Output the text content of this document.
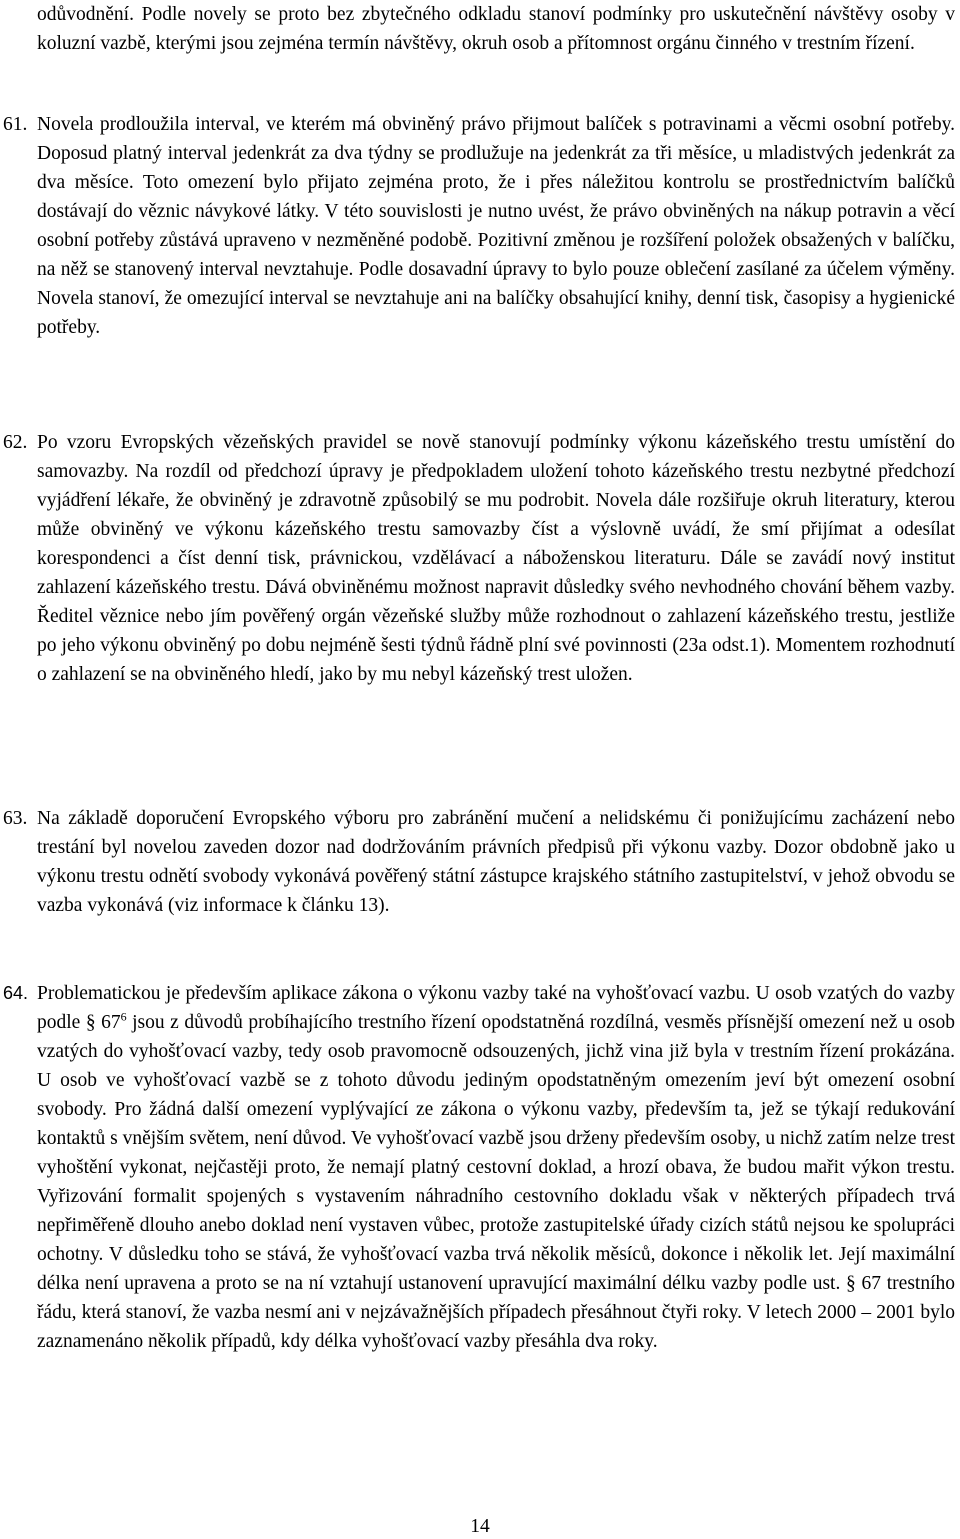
odůvodnění. Podle novely se proto bez zbytečného odkladu stanoví podmínky pro uskutečnění návštěvy osoby v koluzní vazbě, kterými jsou zejména termín návštěvy, okruh osob a přítomnost orgánu činného v trestním řízení.

61. Novela prodloužila interval, ve kterém má obviněný právo přijmout balíček s potravinami a věcmi osobní potřeby. Doposud platný interval jedenkrát za dva týdny se prodlužuje na jedenkrát za tři měsíce, u mladistvých jedenkrát za dva měsíce. Toto omezení bylo přijato zejména proto, že i přes náležitou kontrolu se prostřednictvím balíčků dostávají do věznic návykové látky. V této souvislosti je nutno uvést, že právo obviněných na nákup potravin a věcí osobní potřeby zůstává upraveno v nezměněné podobě. Pozitivní změnou je rozšíření položek obsažených v balíčku, na něž se stanovený interval nevztahuje. Podle dosavadní úpravy to bylo pouze oblečení zasílané za účelem výměny. Novela stanoví, že omezující interval se nevztahuje ani na balíčky obsahující knihy, denní tisk, časopisy a hygienické potřeby.

62. Po vzoru Evropských vězeňských pravidel se nově stanovují podmínky výkonu kázeňského trestu umístění do samovazby. Na rozdíl od předchozí úpravy je předpokladem uložení tohoto kázeňského trestu nezbytné předchozí vyjádření lékaře, že obviněný je zdravotně způsobilý se mu podrobit. Novela dále rozšiřuje okruh literatury, kterou může obviněný ve výkonu kázeňského trestu samovazby číst a výslovně uvádí, že smí přijímat a odesílat korespondenci a číst denní tisk, právnickou, vzdělávací a náboženskou literaturu. Dále se zavádí nový institut zahlazení kázeňského trestu. Dává obviněnému možnost napravit důsledky svého nevhodného chování během vazby. Ředitel věznice nebo jím pověřený orgán vězeňské služby může rozhodnout o zahlazení kázeňského trestu, jestliže po jeho výkonu obviněný po dobu nejméně šesti týdnů řádně plní své povinnosti (23a odst.1). Momentem rozhodnutí o zahlazení se na obviněného hledí, jako by mu nebyl kázeňský trest uložen.

63. Na základě doporučení Evropského výboru pro zabránění mučení a nelidskému či ponižujícímu zacházení nebo trestání byl novelou zaveden dozor nad dodržováním právních předpisů při výkonu vazby. Dozor obdobně jako u výkonu trestu odnětí svobody vykonává pověřený státní zástupce krajského státního zastupitelství, v jehož obvodu se vazba vykonává (viz informace k článku 13).

64. Problematickou je především aplikace zákona o výkonu vazby také na vyhošťovací vazbu. U osob vzatých do vazby podle § $67^6$ jsou z důvodů probíhajícího trestního řízení opodstatněná rozdílná, vesměs přísnější omezení než u osob vzatých do vyhošťovací vazby, tedy osob pravomocně odsouzených, jichž vina již byla v trestním řízení prokázána. U osob ve vyhošťovací vazbě se z tohoto důvodu jediným opodstatněným omezením jeví být omezení osobní svobody. Pro žádná další omezení vyplývající ze zákona o výkonu vazby, především ta, jež se týkají redukování kontaktů s vnějším světem, není důvod. Ve vyhošťovací vazbě jsou drženy především osoby, u nichž zatím nelze trest vyhoštění vykonat, nejčastěji proto, že nemají platný cestovní doklad, a hrozí obava, že budou mařit výkon trestu. Vyřizování formalit spojených s vystavením náhradního cestovního dokladu však v některých případech trvá nepřiměřeně dlouho anebo doklad není vystaven vůbec, protože zastupitelské úřady cizích států nejsou ke spolupráci ochotny. V důsledku toho se stává, že vyhošťovací vazba trvá několik měsíců, dokonce i několik let. Její maximální délka není upravena a proto se na ní vztahují ustanovení upravující maximální délku vazby podle ust. § 67 trestního řádu, která stanoví, že vazba nesmí ani v nejzávažnějších případech přesáhnout čtyři roky. V letech 2000 – 2001 bylo zaznamenáno několik případů, kdy délka vyhošťovací vazby přesáhla dva roky.

14
